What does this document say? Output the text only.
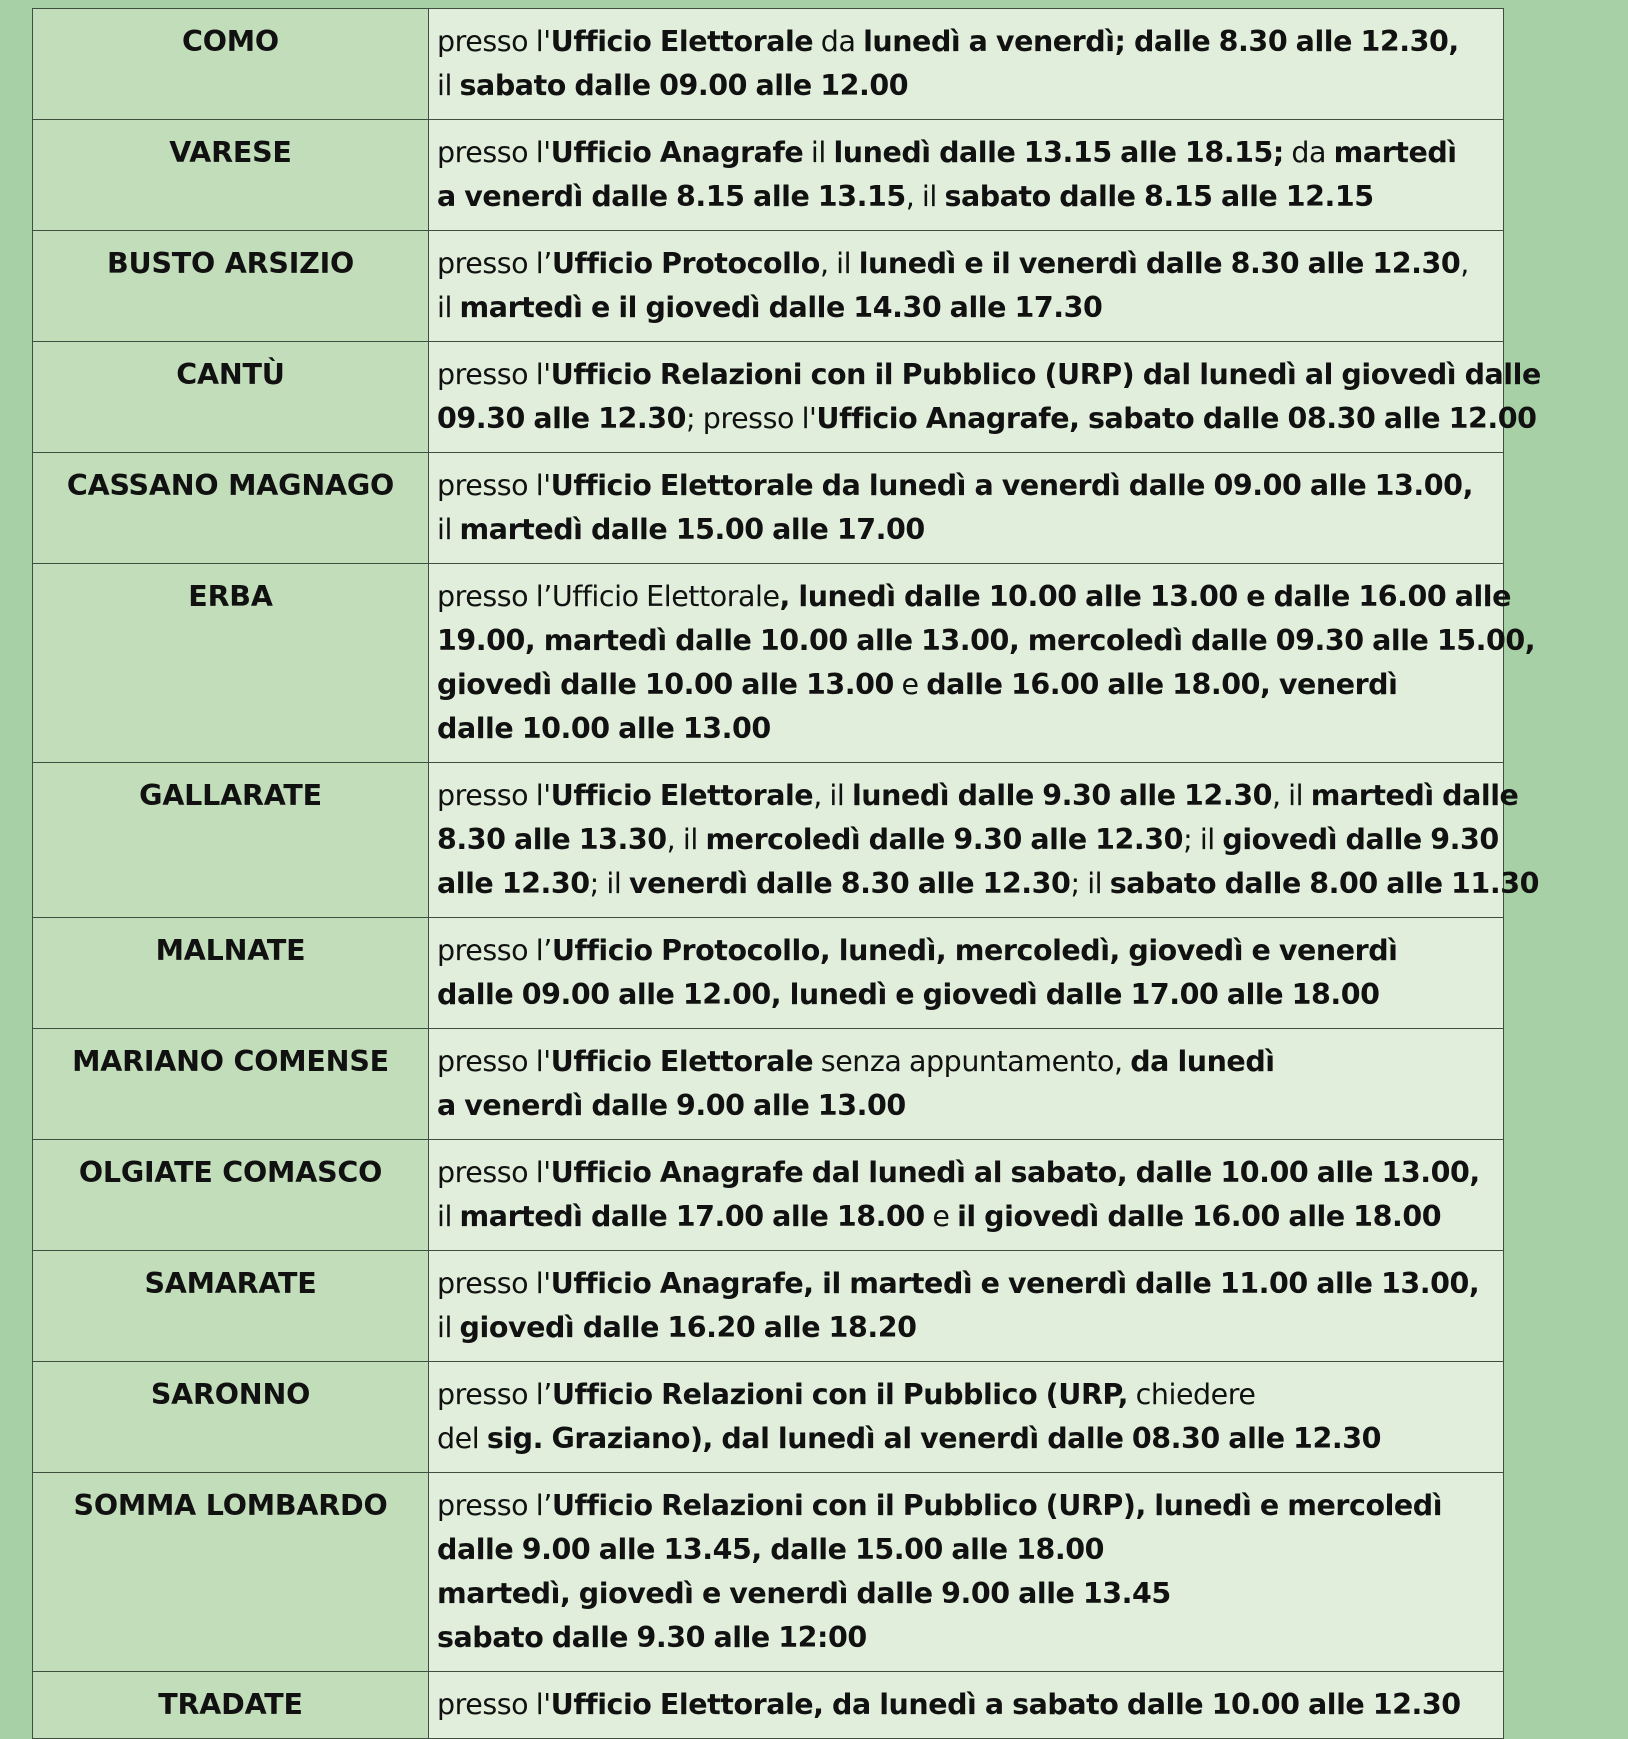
COMO	presso l'Ufficio Elettorale da lunedì a venerdì; dalle 8.30 alle 12.30,
il sabato dalle 09.00 alle 12.00

VARESE	presso l'Ufficio Anagrafe il lunedì dalle 13.15 alle 18.15; da martedì
a venerdì dalle 8.15 alle 13.15, il sabato dalle 8.15 alle 12.15

BUSTO ARSIZIO	presso l’Ufficio Protocollo, il lunedì e il venerdì dalle 8.30 alle 12.30,
il martedì e il giovedì dalle 14.30 alle 17.30

CANTÙ	presso l'Ufficio Relazioni con il Pubblico (URP) dal lunedì al giovedì dalle
09.30 alle 12.30; presso l'Ufficio Anagrafe, sabato dalle 08.30 alle 12.00

CASSANO MAGNAGO	presso l'Ufficio Elettorale da lunedì a venerdì dalle 09.00 alle 13.00,
il martedì dalle 15.00 alle 17.00

ERBA	presso l’Ufficio Elettorale, lunedì dalle 10.00 alle 13.00 e dalle 16.00 alle
19.00, martedì dalle 10.00 alle 13.00, mercoledì dalle 09.30 alle 15.00,
giovedì dalle 10.00 alle 13.00 e dalle 16.00 alle 18.00, venerdì
dalle 10.00 alle 13.00

GALLARATE	presso l'Ufficio Elettorale, il lunedì dalle 9.30 alle 12.30, il martedì dalle
8.30 alle 13.30, il mercoledì dalle 9.30 alle 12.30; il giovedì dalle 9.30
alle 12.30; il venerdì dalle 8.30 alle 12.30; il sabato dalle 8.00 alle 11.30

MALNATE	presso l’Ufficio Protocollo, lunedì, mercoledì, giovedì e venerdì
dalle 09.00 alle 12.00, lunedì e giovedì dalle 17.00 alle 18.00

MARIANO COMENSE	presso l'Ufficio Elettorale senza appuntamento, da lunedì
a venerdì dalle 9.00 alle 13.00

OLGIATE COMASCO	presso l'Ufficio Anagrafe dal lunedì al sabato, dalle 10.00 alle 13.00,
il martedì dalle 17.00 alle 18.00 e il giovedì dalle 16.00 alle 18.00

SAMARATE	presso l'Ufficio Anagrafe, il martedì e venerdì dalle 11.00 alle 13.00,
il giovedì dalle 16.20 alle 18.20

SARONNO	presso l’Ufficio Relazioni con il Pubblico (URP, chiedere
del sig. Graziano), dal lunedì al venerdì dalle 08.30 alle 12.30

SOMMA LOMBARDO	presso l’Ufficio Relazioni con il Pubblico (URP), lunedì e mercoledì
dalle 9.00 alle 13.45, dalle 15.00 alle 18.00
martedì, giovedì e venerdì dalle 9.00 alle 13.45
sabato dalle 9.30 alle 12:00

TRADATE	presso l'Ufficio Elettorale, da lunedì a sabato dalle 10.00 alle 12.30
